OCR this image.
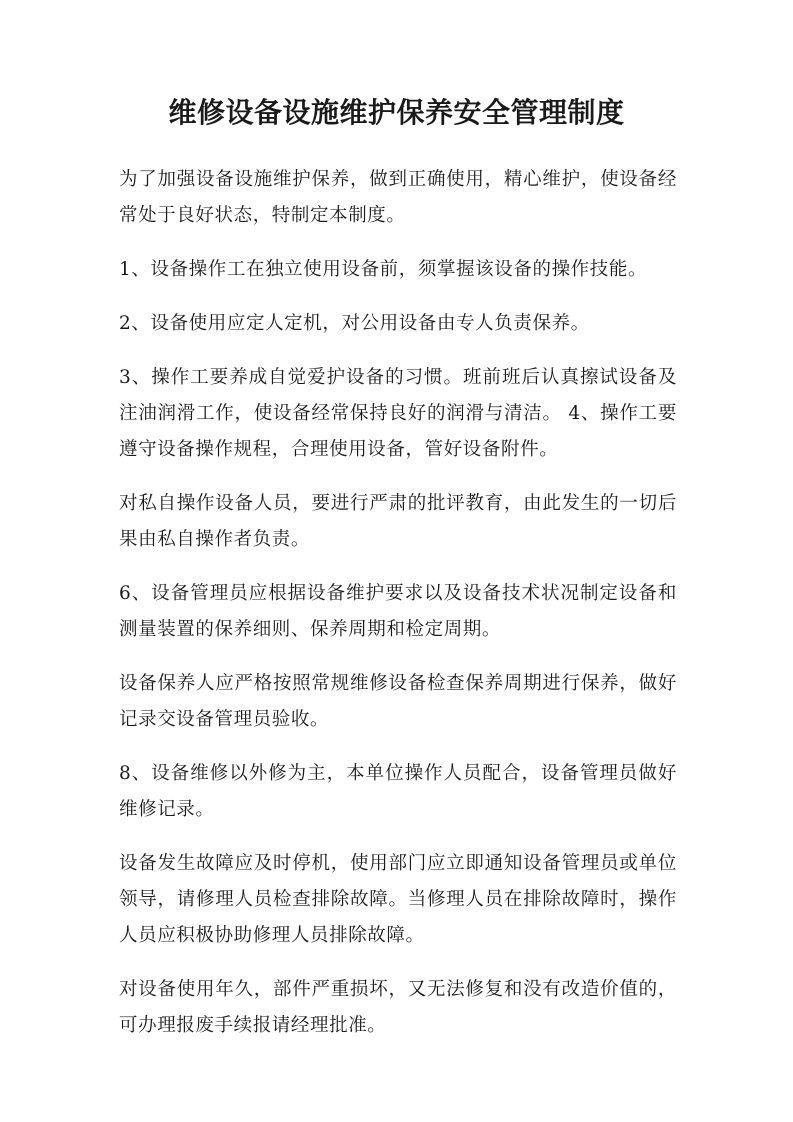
维修设备设施维护保养安全管理制度

为了加强设备设施维护保养，做到正确使用，精心维护，使设备经常处于良好状态，特制定本制度。

1、设备操作工在独立使用设备前，须掌握该设备的操作技能。

2、设备使用应定人定机，对公用设备由专人负责保养。

3、操作工要养成自觉爱护设备的习惯。班前班后认真擦试设备及注油润滑工作，使设备经常保持良好的润滑与清洁。 4、操作工要遵守设备操作规程，合理使用设备，管好设备附件。

对私自操作设备人员，要进行严肃的批评教育，由此发生的一切后果由私自操作者负责。

6、设备管理员应根据设备维护要求以及设备技术状况制定设备和测量装置的保养细则、保养周期和检定周期。

设备保养人应严格按照常规维修设备检查保养周期进行保养，做好记录交设备管理员验收。

8、设备维修以外修为主，本单位操作人员配合，设备管理员做好维修记录。

设备发生故障应及时停机，使用部门应立即通知设备管理员或单位领导，请修理人员检查排除故障。当修理人员在排除故障时，操作人员应积极协助修理人员排除故障。

对设备使用年久，部件严重损坏，又无法修复和没有改造价值的，可办理报废手续报请经理批准。
